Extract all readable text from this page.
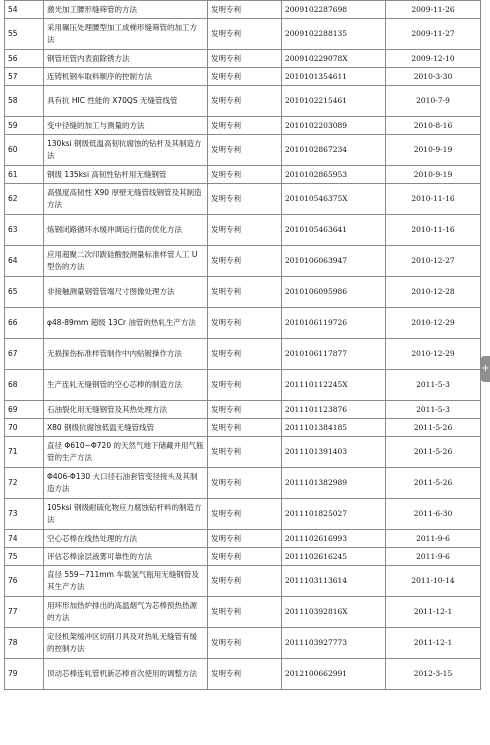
54	激光加工腰形缝筛管的方法	发明专利	2009102287698	2009-11-26
55	采用碾压处理腰型加工成梯形缝筛管的加工方法	发明专利	2009102288135	2009-11-27
56	钢管坯管内表面除锈方法	发明专利	200910229078X	2009-12-10
57	连铸机钢车取料顺序的控制方法	发明专利	2010101354611	2010-3-30
58	具有抗 HIC 性能的 X70QS 无缝管线管	发明专利	2010102215461	2010-7-9
59	变中径缝的加工与测量的方法	发明专利	2010102203089	2010-8-16
60	130ksi 钢级低温高韧抗腐蚀的钻杆及其制造方法	发明专利	2010102867234	2010-9-19
61	钢级 135ksi 高韧性钻杆用无缝钢管	发明专利	2010102865953	2010-9-19
62	高强度高韧性 X90 厚壁无缝管线钢管及其制造方法	发明专利	201010546375X	2010-11-16
63	炼钢闭路循环水缓冲调运行值的优化方法	发明专利	2010105463641	2010-11-16
64	应用超聚二次印跋硅酸胶测量标准样管人工 U 型伤的方法	发明专利	2010106063947	2010-12-27
65	非接触测量钢管管端尺寸图像处理方法	发明专利	2010106095986	2010-12-28
66	φ48-89mm 超级 13Cr 油管的热轧生产方法	发明专利	2010106119726	2010-12-29
67	无损探伤标准样管制作中内贴镀操作方法	发明专利	2010106117877	2010-12-29
68	生产连轧无缝钢管的空心芯棒的制造方法	发明专利	201110112245X	2011-5-3
69	石油裂化用无缝钢管及其热处理方法	发明专利	2011101123876	2011-5-3
70	X80 钢级抗腐蚀低温无缝管线管	发明专利	2011101384185	2011-5-26
71	直径 Φ610~Φ720 的天然气地下储藏井用气瓶管的生产方法	发明专利	2011101391403	2011-5-26
72	Φ406-Φ130 大口径石油套管变径接头及其制造方法	发明专利	2011101382989	2011-5-26
73	105ksi 钢级耐硫化物应力腐蚀钻杆料的制造方法	发明专利	2011101825027	2011-6-30
74	空心芯棒在线热处理的方法	发明专利	2011102616993	2011-9-6
75	评估芯棒涂层液雾可靠性的方法	发明专利	2011102616245	2011-9-6
76	直径 559~711mm 车载氢气瓶用无缝钢管及其生产方法	发明专利	2011103113614	2011-10-14
77	用环形加热炉排出的高温烟气为芯棒预热热源的方法	发明专利	201110392816X	2011-12-1
78	定径机架缓冲区切削刀具及对热轧无缝管有缓的控制方法	发明专利	2011103927773	2011-12-1
79	顶动芯棒连轧管机新芯棒首次使用的调整方法	发明专利	2012100662991	2012-3-15
+
